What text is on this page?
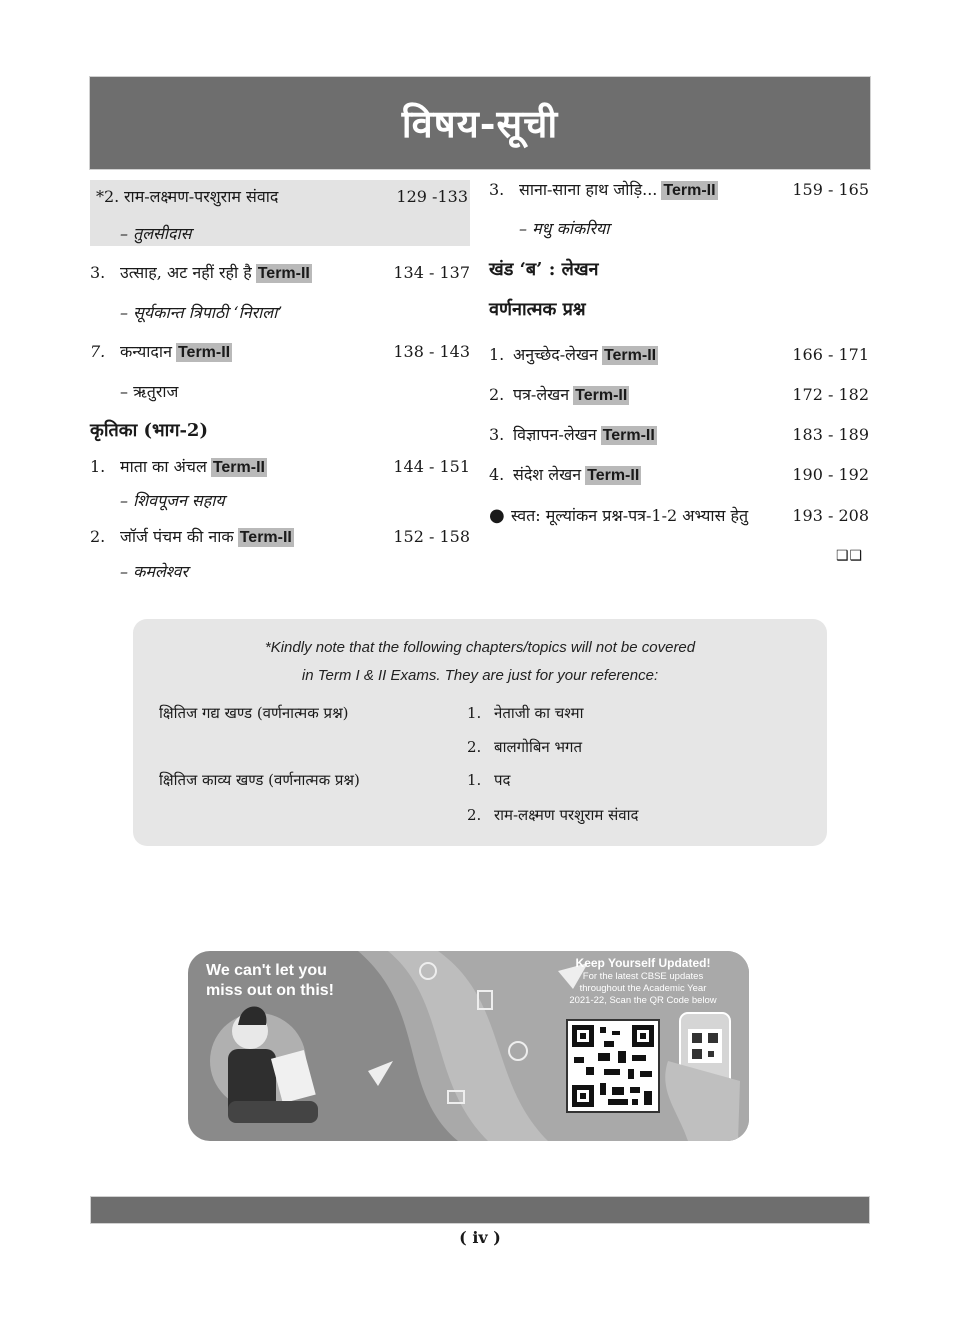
विषय-सूची
*2. राम-लक्ष्मण-परशुराम संवाद	129 -133
– तुलसीदास
3. उत्साह, अट नहीं रही है Term-II	134 - 137
– सूर्यकान्त त्रिपाठी ‘निराला’
7. कन्यादान Term-II	138 - 143
– ऋतुराज
कृतिका (भाग-2)
1. माता का अंचल Term-II	144 - 151
– शिवपूजन सहाय
2. जॉर्ज पंचम की नाक Term-II	152 - 158
– कमलेश्वर
3. साना-साना हाथ जोड़ि... Term-II	159 - 165
– मधु कांकरिया
खंड ‘ब’ : लेखन
वर्णनात्मक प्रश्न
1. अनुच्छेद-लेखन Term-II	166 - 171
2. पत्र-लेखन Term-II	172 - 182
3. विज्ञापन-लेखन Term-II	183 - 189
4. संदेश लेखन Term-II	190 - 192
● स्वत: मूल्यांकन प्रश्न-पत्र-1-2 अभ्यास हेतु	193 - 208
❑❑
*Kindly note that the following chapters/topics will not be covered
in Term I & II Exams. They are just for your reference:
क्षितिज गद्य खण्ड (वर्णनात्मक प्रश्न)	1. नेताजी का चश्मा
2. बालगोबिन भगत
क्षितिज काव्य खण्ड (वर्णनात्मक प्रश्न)	1. पद
2. राम-लक्ष्मण परशुराम संवाद
We can't let you
miss out on this!
Keep Yourself Updated!
For the latest CBSE updates
throughout the Academic Year
2021-22, Scan the QR Code below
( iv )
